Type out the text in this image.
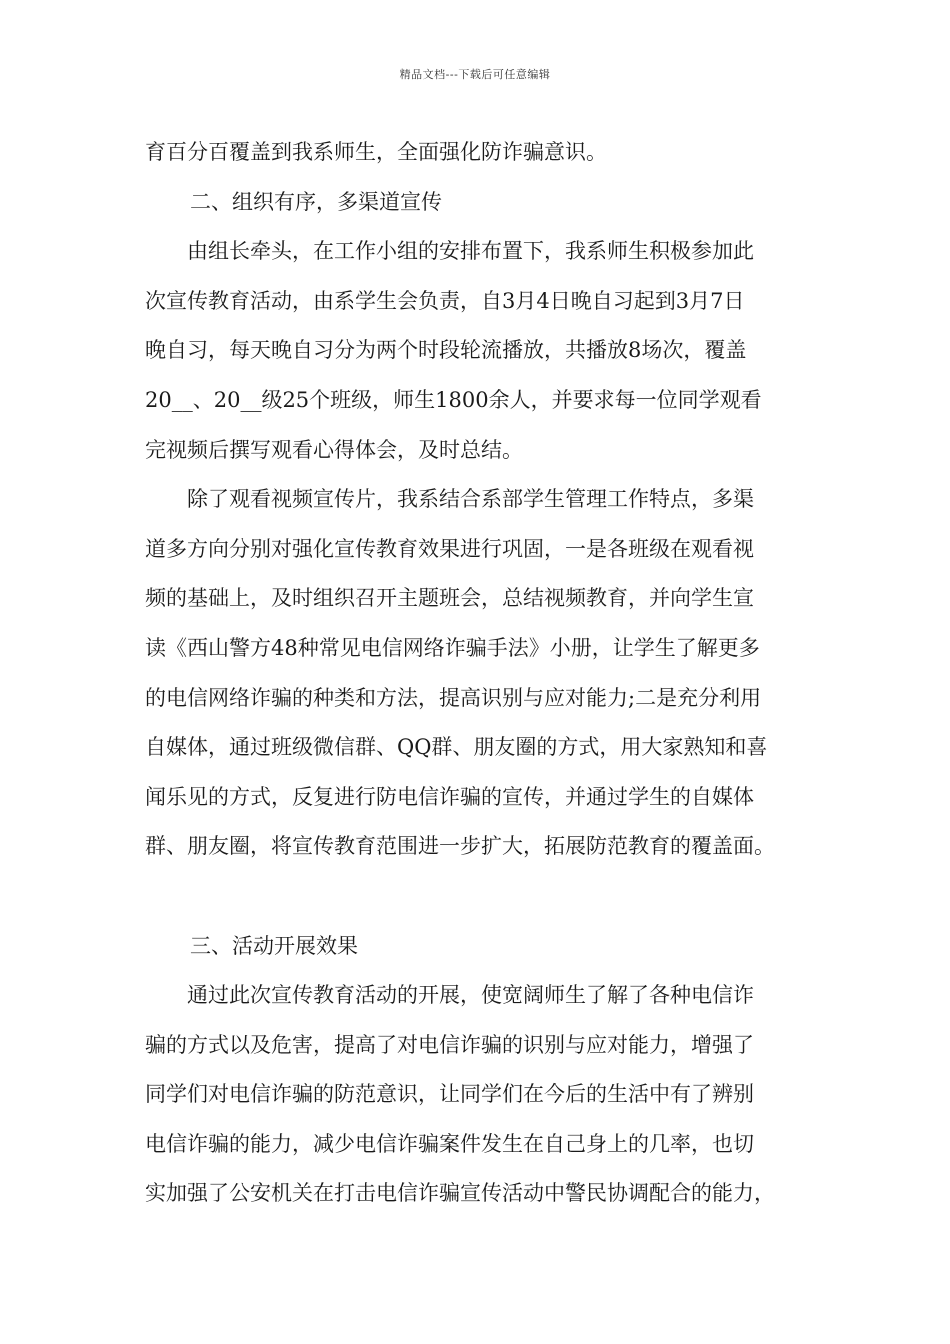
精品文档---下载后可任意编辑
育百分百覆盖到我系师生，全面强化防诈骗意识。
二、组织有序，多渠道宣传
由组长牵头，在工作小组的安排布置下，我系师生积极参加此
次宣传教育活动，由系学生会负责，自3月4日晚自习起到3月7日
晚自习，每天晚自习分为两个时段轮流播放，共播放8场次，覆盖
20__、20__级25个班级，师生1800余人，并要求每一位同学观看
完视频后撰写观看心得体会，及时总结。
除了观看视频宣传片，我系结合系部学生管理工作特点，多渠
道多方向分别对强化宣传教育效果进行巩固，一是各班级在观看视
频的基础上，及时组织召开主题班会，总结视频教育，并向学生宣
读《西山警方48种常见电信网络诈骗手法》小册，让学生了解更多
的电信网络诈骗的种类和方法，提高识别与应对能力;二是充分利用
自媒体，通过班级微信群、QQ群、朋友圈的方式，用大家熟知和喜
闻乐见的方式，反复进行防电信诈骗的宣传，并通过学生的自媒体
群、朋友圈，将宣传教育范围进一步扩大，拓展防范教育的覆盖面。
三、活动开展效果
通过此次宣传教育活动的开展，使宽阔师生了解了各种电信诈
骗的方式以及危害，提高了对电信诈骗的识别与应对能力，增强了
同学们对电信诈骗的防范意识，让同学们在今后的生活中有了辨别
电信诈骗的能力，减少电信诈骗案件发生在自己身上的几率，也切
实加强了公安机关在打击电信诈骗宣传活动中警民协调配合的能力，
